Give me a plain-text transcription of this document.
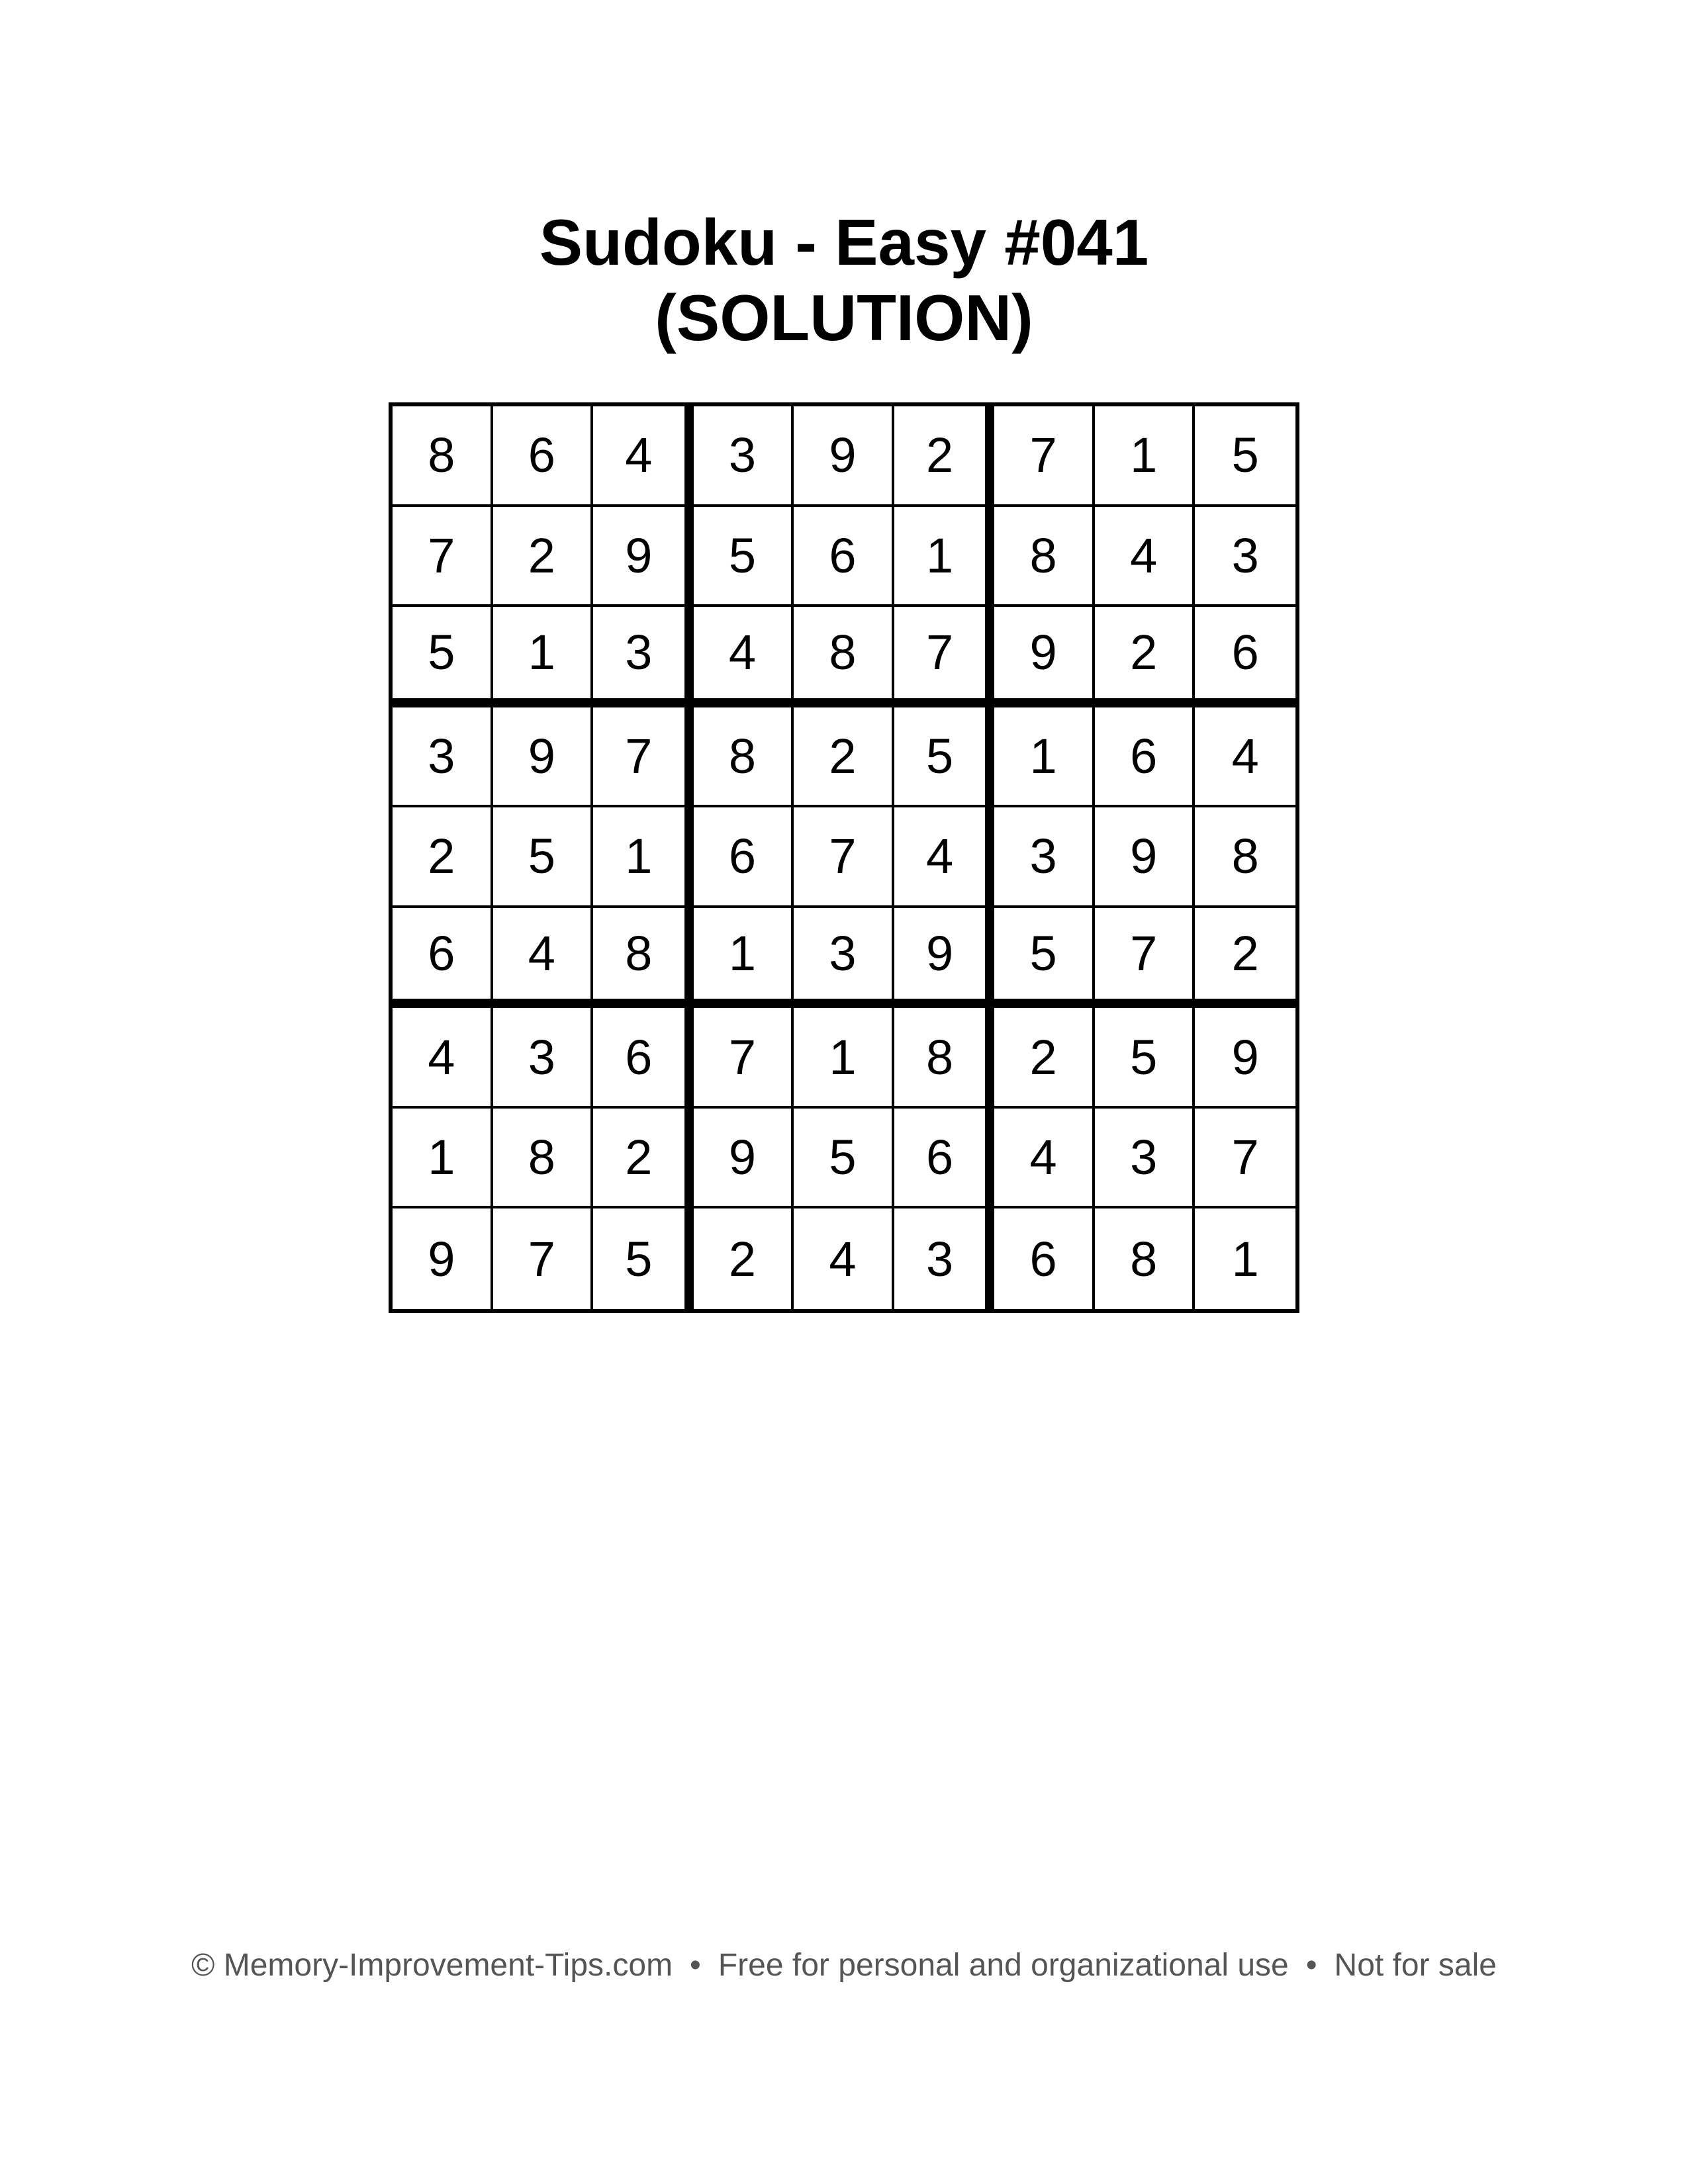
Sudoku - Easy #041
(SOLUTION)
8	6	4	3	9	2	7	1	5
7	2	9	5	6	1	8	4	3
5	1	3	4	8	7	9	2	6
3	9	7	8	2	5	1	6	4
2	5	1	6	7	4	3	9	8
6	4	8	1	3	9	5	7	2
4	3	6	7	1	8	2	5	9
1	8	2	9	5	6	4	3	7
9	7	5	2	4	3	6	8	1
© Memory-Improvement-Tips.com • Free for personal and organizational use • Not for sale
